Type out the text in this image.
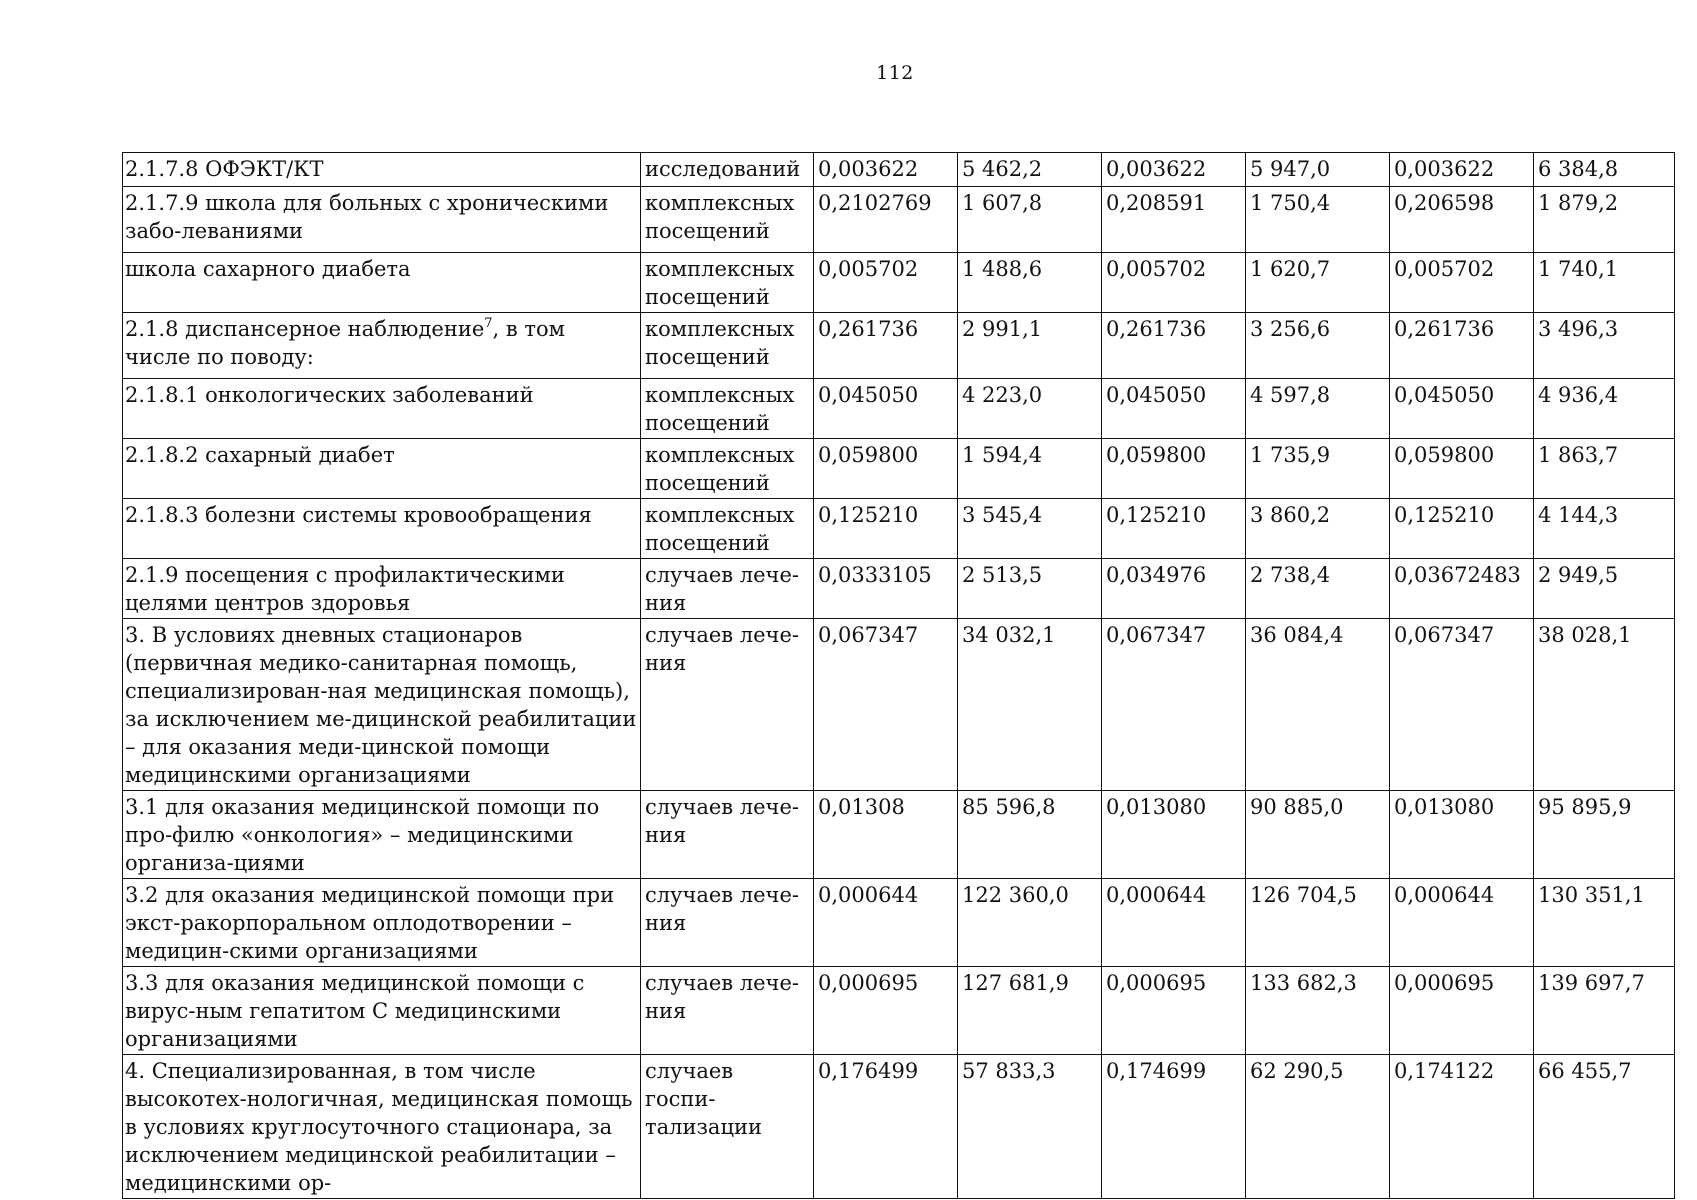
112
2.1.7.8 ОФЭКТ/КТ	исследований	0,003622	5 462,2	0,003622	5 947,0	0,003622	6 384,8
2.1.7.9 школа для больных с хроническими забо-леваниями	комплексных посещений	0,2102769	1 607,8	0,208591	1 750,4	0,206598	1 879,2
школа сахарного диабета	комплексных посещений	0,005702	1 488,6	0,005702	1 620,7	0,005702	1 740,1
2.1.8 диспансерное наблюдение$^7$, в том числе по поводу:	комплексных посещений	0,261736	2 991,1	0,261736	3 256,6	0,261736	3 496,3
2.1.8.1 онкологических заболеваний	комплексных посещений	0,045050	4 223,0	0,045050	4 597,8	0,045050	4 936,4
2.1.8.2 сахарный диабет	комплексных посещений	0,059800	1 594,4	0,059800	1 735,9	0,059800	1 863,7
2.1.8.3 болезни системы кровообращения	комплексных посещений	0,125210	3 545,4	0,125210	3 860,2	0,125210	4 144,3
2.1.9 посещения с профилактическими целями центров здоровья	случаев лече-ния	0,0333105	2 513,5	0,034976	2 738,4	0,03672483	2 949,5
3. В условиях дневных стационаров (первичная медико-санитарная помощь, специализирован-ная медицинская помощь), за исключением ме-дицинской реабилитации – для оказания меди-цинской помощи медицинскими организациями	случаев лече-ния	0,067347	34 032,1	0,067347	36 084,4	0,067347	38 028,1
3.1 для оказания медицинской помощи по про-филю «онкология» – медицинскими организа-циями	случаев лече-ния	0,01308	85 596,8	0,013080	90 885,0	0,013080	95 895,9
3.2 для оказания медицинской помощи при экст-ракорпоральном оплодотворении – медицин-скими организациями	случаев лече-ния	0,000644	122 360,0	0,000644	126 704,5	0,000644	130 351,1
3.3 для оказания медицинской помощи с вирус-ным гепатитом С медицинскими организациями	случаев лече-ния	0,000695	127 681,9	0,000695	133 682,3	0,000695	139 697,7
4. Специализированная, в том числе высокотех-нологичная, медицинская помощь в условиях круглосуточного стационара, за исключением медицинской реабилитации – медицинскими ор-	случаев госпи-тализации	0,176499	57 833,3	0,174699	62 290,5	0,174122	66 455,7
